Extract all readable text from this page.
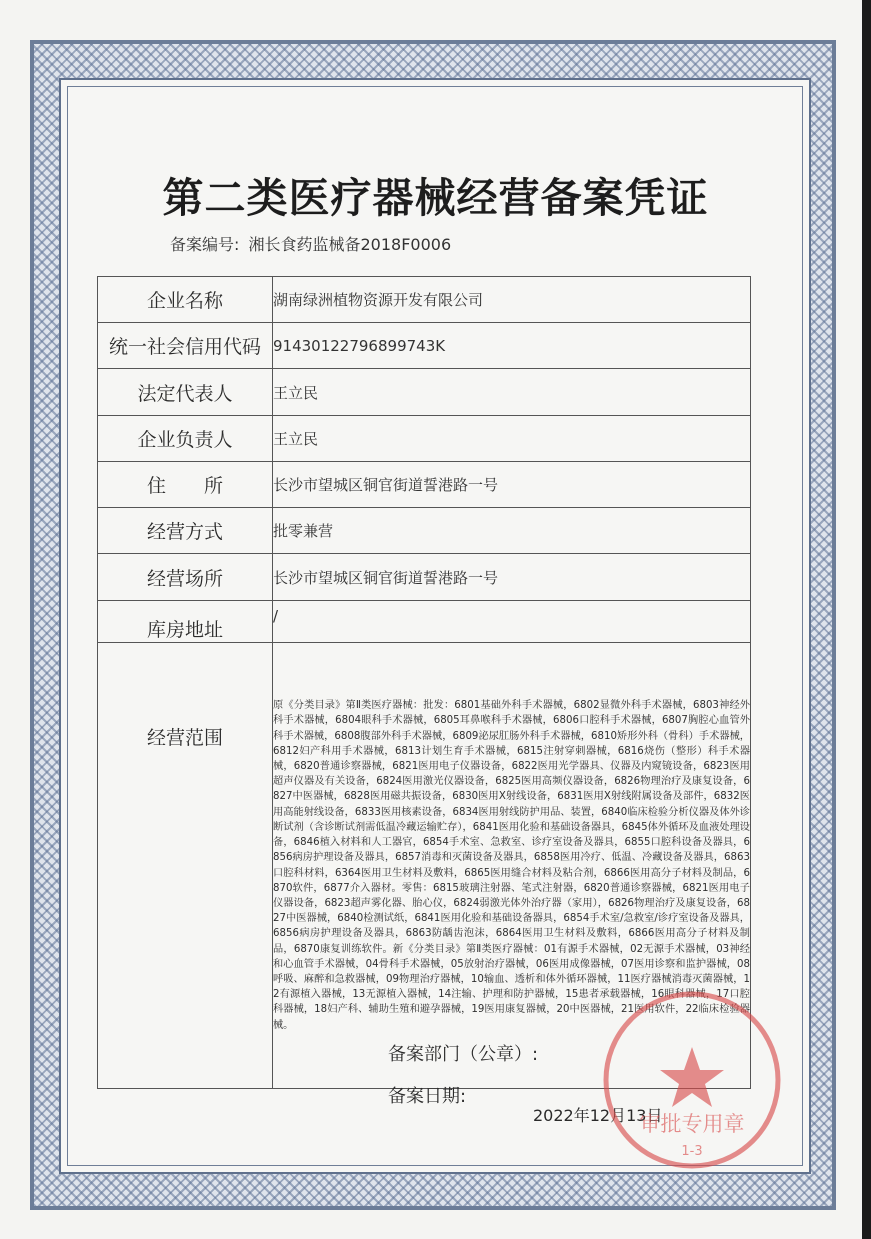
第二类医疗器械经营备案凭证
备案编号: 湘长食药监械备2018F0006
企业名称	湖南绿洲植物资源开发有限公司
统一社会信用代码	91430122796899743K
法定代表人	王立民
企业负责人	王立民
住　　所	长沙市望城区铜官街道誓港路一号
经营方式	批零兼营
经营场所	长沙市望城区铜官街道誓港路一号
库房地址	/
经营范围	原《分类目录》第Ⅱ类医疗器械：批发：6801基础外科手术器械，6802显微外科手术器械，6803神经外科手术器械，6804眼科手术器械，6805耳鼻喉科手术器械，6806口腔科手术器械，6807胸腔心血管外科手术器械，6808腹部外科手术器械，6809泌尿肛肠外科手术器械，6810矫形外科（骨科）手术器械，6812妇产科用手术器械，6813计划生育手术器械，6815注射穿刺器械，6816烧伤（整形）科手术器械，6820普通诊察器械，6821医用电子仪器设备，6822医用光学器具、仪器及内窥镜设备，6823医用超声仪器及有关设备，6824医用激光仪器设备，6825医用高频仪器设备，6826物理治疗及康复设备，6827中医器械，6828医用磁共振设备，6830医用X射线设备，6831医用X射线附属设备及部件，6832医用高能射线设备，6833医用核素设备，6834医用射线防护用品、装置，6840临床检验分析仪器及体外诊断试剂（含诊断试剂需低温冷藏运输贮存），6841医用化验和基础设备器具，6845体外循环及血液处理设备，6846植入材料和人工器官，6854手术室、急救室、诊疗室设备及器具，6855口腔科设备及器具，6856病房护理设备及器具，6857消毒和灭菌设备及器具，6858医用冷疗、低温、冷藏设备及器具，6863口腔科材料，6364医用卫生材料及敷料，6865医用缝合材料及粘合剂，6866医用高分子材料及制品，6870软件，6877介入器材。零售：6815玻璃注射器、笔式注射器，6820普通诊察器械，6821医用电子仪器设备，6823超声雾化器、胎心仪，6824弱激光体外治疗器（家用），6826物理治疗及康复设备，6827中医器械，6840检测试纸，6841医用化验和基础设备器具，6854手术室/急救室/诊疗室设备及器具，6856病房护理设备及器具，6863防龋齿泡沫，6864医用卫生材料及敷料，6866医用高分子材料及制品，6870康复训练软件。新《分类目录》第Ⅱ类医疗器械：01有源手术器械，02无源手术器械，03神经和心血管手术器械，04骨科手术器械，05放射治疗器械，06医用成像器械，07医用诊察和监护器械，08呼吸、麻醉和急救器械，09物理治疗器械，10输血、透析和体外循环器械，11医疗器械消毒灭菌器械，12有源植入器械，13无源植入器械，14注输、护理和防护器械，15患者承载器械，16眼科器械，17口腔科器械，18妇产科、辅助生殖和避孕器械，19医用康复器械，20中医器械，21医用软件，22临床检验器械。
备案部门（公章）:
备案日期:
2022年12月13日
审批专用章
1-3
